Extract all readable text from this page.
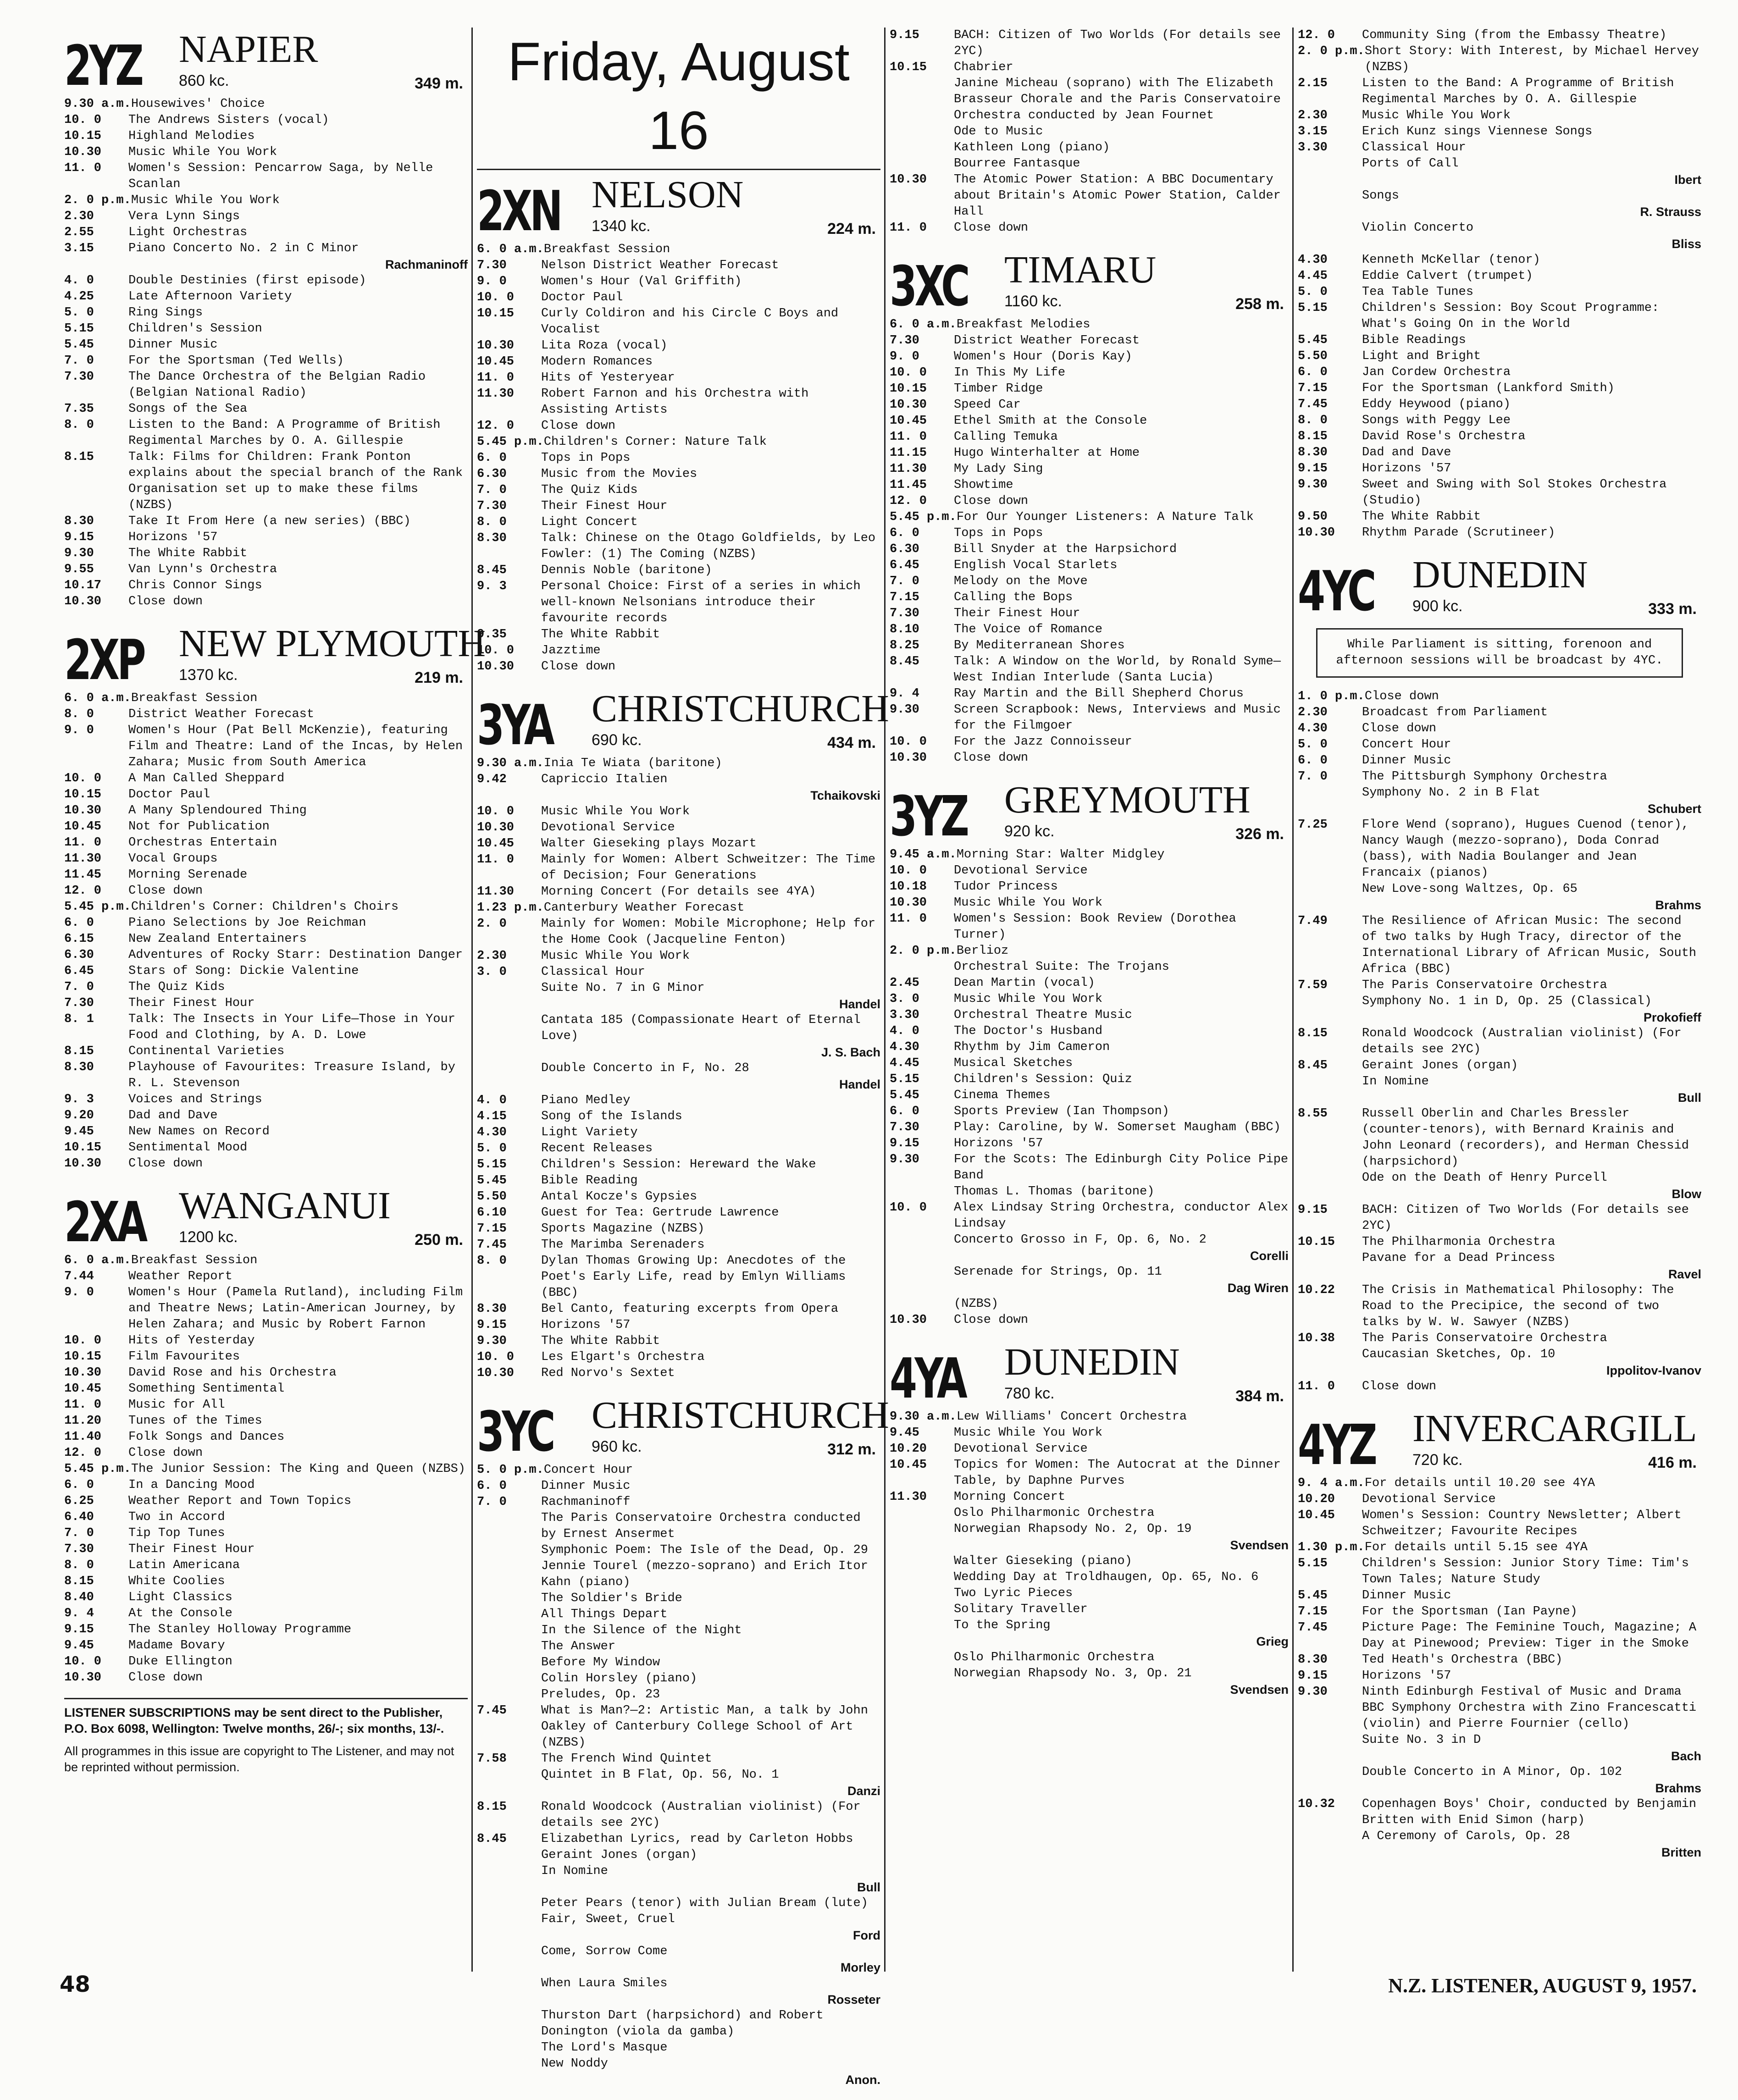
2YZ NAPIER
860 kc.	349 m.
9.30 a.m. Housewives' Choice
10. 0	The Andrews Sisters (vocal)
10.15	Highland Melodies
10.30	Music While You Work
11. 0	Women's Session: Pencarrow Saga, by Nelle Scanlan
2. 0 p.m. Music While You Work
2.30	Vera Lynn Sings
2.55	Light Orchestras
3.15	Piano Concerto No. 2 in C Minor
Rachmaninoff
4. 0	Double Destinies (first episode)
4.25	Late Afternoon Variety
5. 0	Ring Sings
5.15	Children's Session
5.45	Dinner Music
7. 0	For the Sportsman (Ted Wells)
7.30	The Dance Orchestra of the Belgian Radio (Belgian National Radio)
7.35	Songs of the Sea
8. 0	Listen to the Band: A Programme of British Regimental Marches by O. A. Gillespie
8.15	Talk: Films for Children: Frank Ponton explains about the special branch of the Rank Organisation set up to make these films (NZBS)
8.30	Take It From Here (a new series) (BBC)
9.15	Horizons '57
9.30	The White Rabbit
9.55	Van Lynn's Orchestra
10.17	Chris Connor Sings
10.30	Close down
2XP NEW PLYMOUTH
1370 kc.	219 m.
6. 0 a.m. Breakfast Session
8. 0	District Weather Forecast
9. 0	Women's Hour (Pat Bell McKenzie), featuring Film and Theatre: Land of the Incas, by Helen Zahara; Music from South America
10. 0	A Man Called Sheppard
10.15	Doctor Paul
10.30	A Many Splendoured Thing
10.45	Not for Publication
11. 0	Orchestras Entertain
11.30	Vocal Groups
11.45	Morning Serenade
12. 0	Close down
5.45 p.m. Children's Corner: Children's Choirs
6. 0	Piano Selections by Joe Reichman
6.15	New Zealand Entertainers
6.30	Adventures of Rocky Starr: Destination Danger
6.45	Stars of Song: Dickie Valentine
7. 0	The Quiz Kids
7.30	Their Finest Hour
8. 1	Talk: The Insects in Your Life—Those in Your Food and Clothing, by A. D. Lowe
8.15	Continental Varieties
8.30	Playhouse of Favourites: Treasure Island, by R. L. Stevenson
9. 3	Voices and Strings
9.20	Dad and Dave
9.45	New Names on Record
10.15	Sentimental Mood
10.30	Close down
2XA WANGANUI
1200 kc.	250 m.
6. 0 a.m. Breakfast Session
7.44	Weather Report
9. 0	Women's Hour (Pamela Rutland), including Film and Theatre News; Latin-American Journey, by Helen Zahara; and Music by Robert Farnon
10. 0	Hits of Yesterday
10.15	Film Favourites
10.30	David Rose and his Orchestra
10.45	Something Sentimental
11. 0	Music for All
11.20	Tunes of the Times
11.40	Folk Songs and Dances
12. 0	Close down
5.45 p.m. The Junior Session: The King and Queen (NZBS)
6. 0	In a Dancing Mood
6.25	Weather Report and Town Topics
6.40	Two in Accord
7. 0	Tip Top Tunes
7.30	Their Finest Hour
8. 0	Latin Americana
8.15	White Coolies
8.40	Light Classics
9. 4	At the Console
9.15	The Stanley Holloway Programme
9.45	Madame Bovary
10. 0	Duke Ellington
10.30	Close down
LISTENER SUBSCRIPTIONS may be sent direct to the Publisher, P.O. Box 6098, Wellington: Twelve months, 26/-; six months, 13/-.
All programmes in this issue are copyright to The Listener, and may not be reprinted without permission.
Friday, August 16
2XN NELSON
1340 kc.	224 m.
6. 0 a.m. Breakfast Session
7.30	Nelson District Weather Forecast
9. 0	Women's Hour (Val Griffith)
10. 0	Doctor Paul
10.15	Curly Coldiron and his Circle C Boys and Vocalist
10.30	Lita Roza (vocal)
10.45	Modern Romances
11. 0	Hits of Yesteryear
11.30	Robert Farnon and his Orchestra with Assisting Artists
12. 0	Close down
5.45 p.m. Children's Corner: Nature Talk
6. 0	Tops in Pops
6.30	Music from the Movies
7. 0	The Quiz Kids
7.30	Their Finest Hour
8. 0	Light Concert
8.30	Talk: Chinese on the Otago Goldfields, by Leo Fowler: (1) The Coming (NZBS)
8.45	Dennis Noble (baritone)
9. 3	Personal Choice: First of a series in which well-known Nelsonians introduce their favourite records
9.35	The White Rabbit
10. 0	Jazztime
10.30	Close down
3YA CHRISTCHURCH
690 kc.	434 m.
9.30 a.m. Inia Te Wiata (baritone)
9.42	Capriccio Italien
Tchaikovski
10. 0	Music While You Work
10.30	Devotional Service
10.45	Walter Gieseking plays Mozart
11. 0	Mainly for Women: Albert Schweitzer: The Time of Decision; Four Generations
11.30	Morning Concert (For details see 4YA)
1.23 p.m. Canterbury Weather Forecast
2. 0	Mainly for Women: Mobile Microphone; Help for the Home Cook (Jacqueline Fenton)
2.30	Music While You Work
3. 0	Classical Hour
Suite No. 7 in G Minor
Handel
Cantata 185 (Compassionate Heart of Eternal Love)
J. S. Bach
Double Concerto in F, No. 28
Handel
4. 0	Piano Medley
4.15	Song of the Islands
4.30	Light Variety
5. 0	Recent Releases
5.15	Children's Session: Hereward the Wake
5.45	Bible Reading
5.50	Antal Kocze's Gypsies
6.10	Guest for Tea: Gertrude Lawrence
7.15	Sports Magazine (NZBS)
7.45	The Marimba Serenaders
8. 0	Dylan Thomas Growing Up: Anecdotes of the Poet's Early Life, read by Emlyn Williams (BBC)
8.30	Bel Canto, featuring excerpts from Opera
9.15	Horizons '57
9.30	The White Rabbit
10. 0	Les Elgart's Orchestra
10.30	Red Norvo's Sextet
3YC CHRISTCHURCH
960 kc.	312 m.
5. 0 p.m. Concert Hour
6. 0	Dinner Music
7. 0	Rachmaninoff
The Paris Conservatoire Orchestra conducted by Ernest Ansermet
Symphonic Poem: The Isle of the Dead, Op. 29
Jennie Tourel (mezzo-soprano) and Erich Itor Kahn (piano)
The Soldier's Bride
All Things Depart
In the Silence of the Night
The Answer
Before My Window
Colin Horsley (piano)
Preludes, Op. 23
7.45	What is Man?—2: Artistic Man, a talk by John Oakley of Canterbury College School of Art (NZBS)
7.58	The French Wind Quintet
Quintet in B Flat, Op. 56, No. 1
Danzi
8.15	Ronald Woodcock (Australian violinist) (For details see 2YC)
8.45	Elizabethan Lyrics, read by Carleton Hobbs
Geraint Jones (organ)
In Nomine
Bull
Peter Pears (tenor) with Julian Bream (lute)
Fair, Sweet, Cruel
Ford
Come, Sorrow Come
Morley
When Laura Smiles
Rosseter
Thurston Dart (harpsichord) and Robert Donington (viola da gamba)
The Lord's Masque
New Noddy
Anon.
9.15	BACH: Citizen of Two Worlds (For details see 2YC)
10.15	Chabrier
Janine Micheau (soprano) with The Elizabeth Brasseur Chorale and the Paris Conservatoire Orchestra conducted by Jean Fournet
Ode to Music
Kathleen Long (piano)
Bourree Fantasque
10.30	The Atomic Power Station: A BBC Documentary about Britain's Atomic Power Station, Calder Hall
11. 0	Close down
3XC TIMARU
1160 kc.	258 m.
6. 0 a.m. Breakfast Melodies
7.30	District Weather Forecast
9. 0	Women's Hour (Doris Kay)
10. 0	In This My Life
10.15	Timber Ridge
10.30	Speed Car
10.45	Ethel Smith at the Console
11. 0	Calling Temuka
11.15	Hugo Winterhalter at Home
11.30	My Lady Sing
11.45	Showtime
12. 0	Close down
5.45 p.m. For Our Younger Listeners: A Nature Talk
6. 0	Tops in Pops
6.30	Bill Snyder at the Harpsichord
6.45	English Vocal Starlets
7. 0	Melody on the Move
7.15	Calling the Bops
7.30	Their Finest Hour
8.10	The Voice of Romance
8.25	By Mediterranean Shores
8.45	Talk: A Window on the World, by Ronald Syme—West Indian Interlude (Santa Lucia)
9. 4	Ray Martin and the Bill Shepherd Chorus
9.30	Screen Scrapbook: News, Interviews and Music for the Filmgoer
10. 0	For the Jazz Connoisseur
10.30	Close down
3YZ GREYMOUTH
920 kc.	326 m.
9.45 a.m. Morning Star: Walter Midgley
10. 0	Devotional Service
10.18	Tudor Princess
10.30	Music While You Work
11. 0	Women's Session: Book Review (Dorothea Turner)
2. 0 p.m. Berlioz
Orchestral Suite: The Trojans
2.45	Dean Martin (vocal)
3. 0	Music While You Work
3.30	Orchestral Theatre Music
4. 0	The Doctor's Husband
4.30	Rhythm by Jim Cameron
4.45	Musical Sketches
5.15	Children's Session: Quiz
5.45	Cinema Themes
6. 0	Sports Preview (Ian Thompson)
7.30	Play: Caroline, by W. Somerset Maugham (BBC)
9.15	Horizons '57
9.30	For the Scots: The Edinburgh City Police Pipe Band
Thomas L. Thomas (baritone)
10. 0	Alex Lindsay String Orchestra, conductor Alex Lindsay
Concerto Grosso in F, Op. 6, No. 2
Corelli
Serenade for Strings, Op. 11
Dag Wiren
(NZBS)
10.30	Close down
4YA DUNEDIN
780 kc.	384 m.
9.30 a.m. Lew Williams' Concert Orchestra
9.45	Music While You Work
10.20	Devotional Service
10.45	Topics for Women: The Autocrat at the Dinner Table, by Daphne Purves
11.30	Morning Concert
Oslo Philharmonic Orchestra
Norwegian Rhapsody No. 2, Op. 19
Svendsen
Walter Gieseking (piano)
Wedding Day at Troldhaugen, Op. 65, No. 6
Two Lyric Pieces
Solitary Traveller
To the Spring
Grieg
Oslo Philharmonic Orchestra
Norwegian Rhapsody No. 3, Op. 21
Svendsen
12. 0	Community Sing (from the Embassy Theatre)
2. 0 p.m. Short Story: With Interest, by Michael Hervey (NZBS)
2.15	Listen to the Band: A Programme of British Regimental Marches by O. A. Gillespie
2.30	Music While You Work
3.15	Erich Kunz sings Viennese Songs
3.30	Classical Hour
Ports of Call
Ibert
Songs
R. Strauss
Violin Concerto
Bliss
4.30	Kenneth McKellar (tenor)
4.45	Eddie Calvert (trumpet)
5. 0	Tea Table Tunes
5.15	Children's Session: Boy Scout Programme: What's Going On in the World
5.45	Bible Readings
5.50	Light and Bright
6. 0	Jan Cordew Orchestra
7.15	For the Sportsman (Lankford Smith)
7.45	Eddy Heywood (piano)
8. 0	Songs with Peggy Lee
8.15	David Rose's Orchestra
8.30	Dad and Dave
9.15	Horizons '57
9.30	Sweet and Swing with Sol Stokes Orchestra (Studio)
9.50	The White Rabbit
10.30	Rhythm Parade (Scrutineer)
4YC DUNEDIN
900 kc.	333 m.
While Parliament is sitting, forenoon and afternoon sessions will be broadcast by 4YC.
1. 0 p.m. Close down
2.30	Broadcast from Parliament
4.30	Close down
5. 0	Concert Hour
6. 0	Dinner Music
7. 0	The Pittsburgh Symphony Orchestra
Symphony No. 2 in B Flat
Schubert
7.25	Flore Wend (soprano), Hugues Cuenod (tenor), Nancy Waugh (mezzo-soprano), Doda Conrad (bass), with Nadia Boulanger and Jean Francaix (pianos)
New Love-song Waltzes, Op. 65
Brahms
7.49	The Resilience of African Music: The second of two talks by Hugh Tracy, director of the International Library of African Music, South Africa (BBC)
7.59	The Paris Conservatoire Orchestra
Symphony No. 1 in D, Op. 25 (Classical)
Prokofieff
8.15	Ronald Woodcock (Australian violinist) (For details see 2YC)
8.45	Geraint Jones (organ)
In Nomine
Bull
8.55	Russell Oberlin and Charles Bressler (counter-tenors), with Bernard Krainis and John Leonard (recorders), and Herman Chessid (harpsichord)
Ode on the Death of Henry Purcell
Blow
9.15	BACH: Citizen of Two Worlds (For details see 2YC)
10.15	The Philharmonia Orchestra
Pavane for a Dead Princess
Ravel
10.22	The Crisis in Mathematical Philosophy: The Road to the Precipice, the second of two talks by W. W. Sawyer (NZBS)
10.38	The Paris Conservatoire Orchestra
Caucasian Sketches, Op. 10
Ippolitov-Ivanov
11. 0	Close down
4YZ INVERCARGILL
720 kc.	416 m.
9. 4 a.m. For details until 10.20 see 4YA
10.20	Devotional Service
10.45	Women's Session: Country Newsletter; Albert Schweitzer; Favourite Recipes
1.30 p.m. For details until 5.15 see 4YA
5.15	Children's Session: Junior Story Time: Tim's Town Tales; Nature Study
5.45	Dinner Music
7.15	For the Sportsman (Ian Payne)
7.45	Picture Page: The Feminine Touch, Magazine; A Day at Pinewood; Preview: Tiger in the Smoke
8.30	Ted Heath's Orchestra (BBC)
9.15	Horizons '57
9.30	Ninth Edinburgh Festival of Music and Drama
BBC Symphony Orchestra with Zino Francescatti (violin) and Pierre Fournier (cello)
Suite No. 3 in D
Bach
Double Concerto in A Minor, Op. 102
Brahms
10.32	Copenhagen Boys' Choir, conducted by Benjamin Britten with Enid Simon (harp)
A Ceremony of Carols, Op. 28
Britten
48	N.Z. LISTENER, AUGUST 9, 1957.
